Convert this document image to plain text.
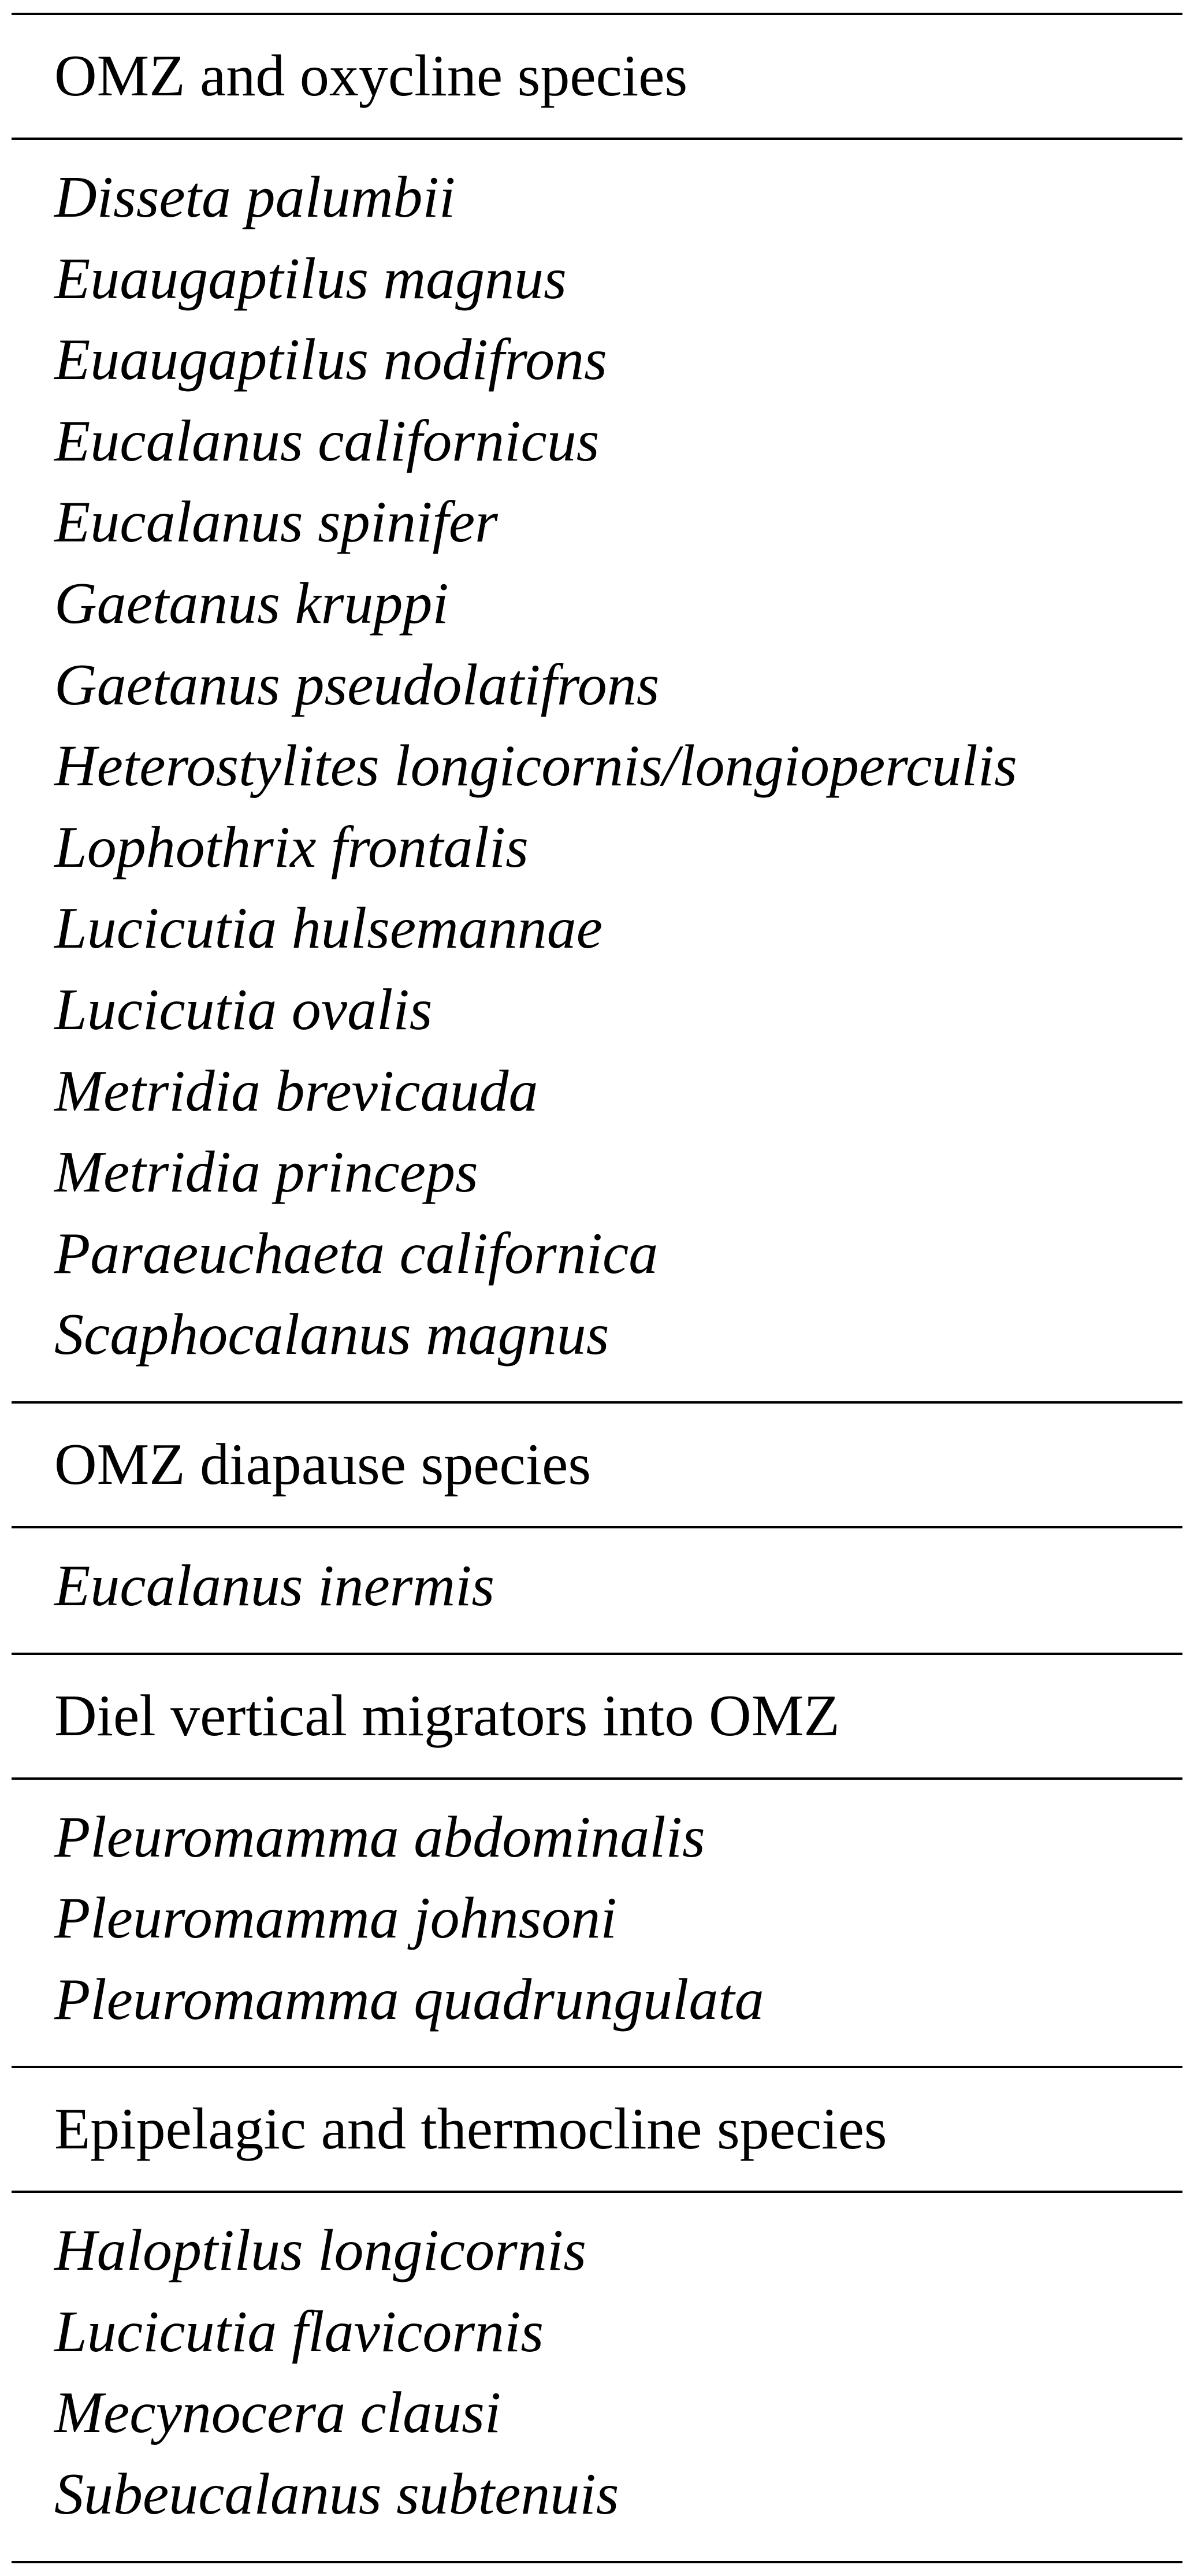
OMZ and oxycline species
Disseta palumbii
Euaugaptilus magnus
Euaugaptilus nodifrons
Eucalanus californicus
Eucalanus spinifer
Gaetanus kruppi
Gaetanus pseudolatifrons
Heterostylites longicornis/longioperculis
Lophothrix frontalis
Lucicutia hulsemannae
Lucicutia ovalis
Metridia brevicauda
Metridia princeps
Paraeuchaeta californica
Scaphocalanus magnus
OMZ diapause species
Eucalanus inermis
Diel vertical migrators into OMZ
Pleuromamma abdominalis
Pleuromamma johnsoni
Pleuromamma quadrungulata
Epipelagic and thermocline species
Haloptilus longicornis
Lucicutia flavicornis
Mecynocera clausi
Subeucalanus subtenuis
